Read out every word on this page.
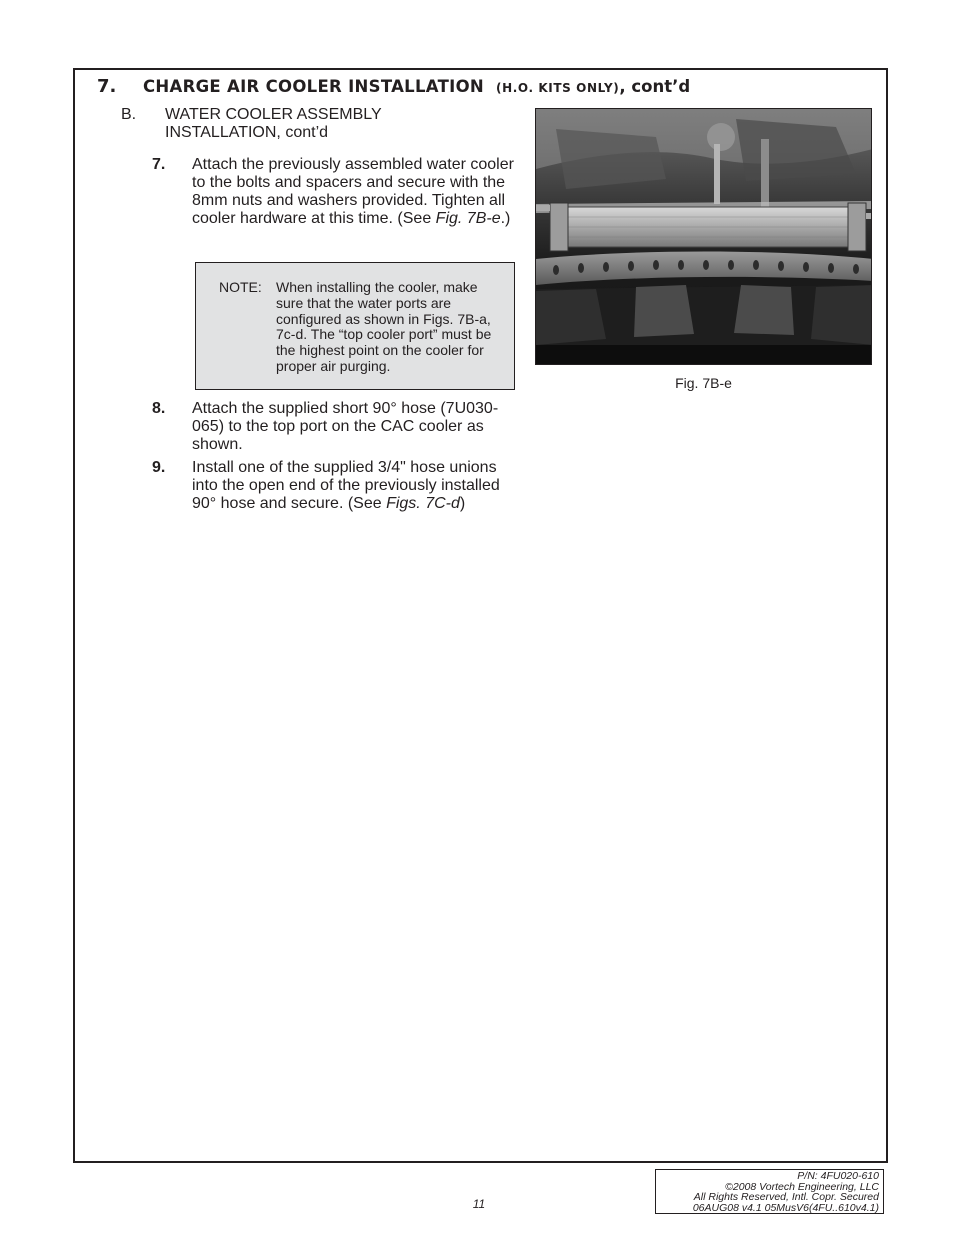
7. CHARGE AIR COOLER INSTALLATION (H.O. KITS ONLY), cont’d
B. WATER COOLER ASSEMBLY
INSTALLATION, cont’d
7. Attach the previously assembled water cooler to the bolts and spacers and secure with the 8mm nuts and washers provided. Tighten all cooler hardware at this time. (See Fig. 7B-e.)
NOTE: When installing the cooler, make sure that the water ports are configured as shown in Figs. 7B-a, 7c-d. The “top cooler port” must be the highest point on the cooler for proper air purging.
8. Attach the supplied short 90° hose (7U030-065) to the top port on the CAC cooler as shown.
9. Install one of the supplied 3/4" hose unions into the open end of the previously installed 90° hose and secure. (See Figs. 7C-d)
Fig. 7B-e
11
P/N: 4FU020-610
©2008 Vortech Engineering, LLC
All Rights Reserved, Intl. Copr. Secured
06AUG08 v4.1 05MusV6(4FU..610v4.1)
